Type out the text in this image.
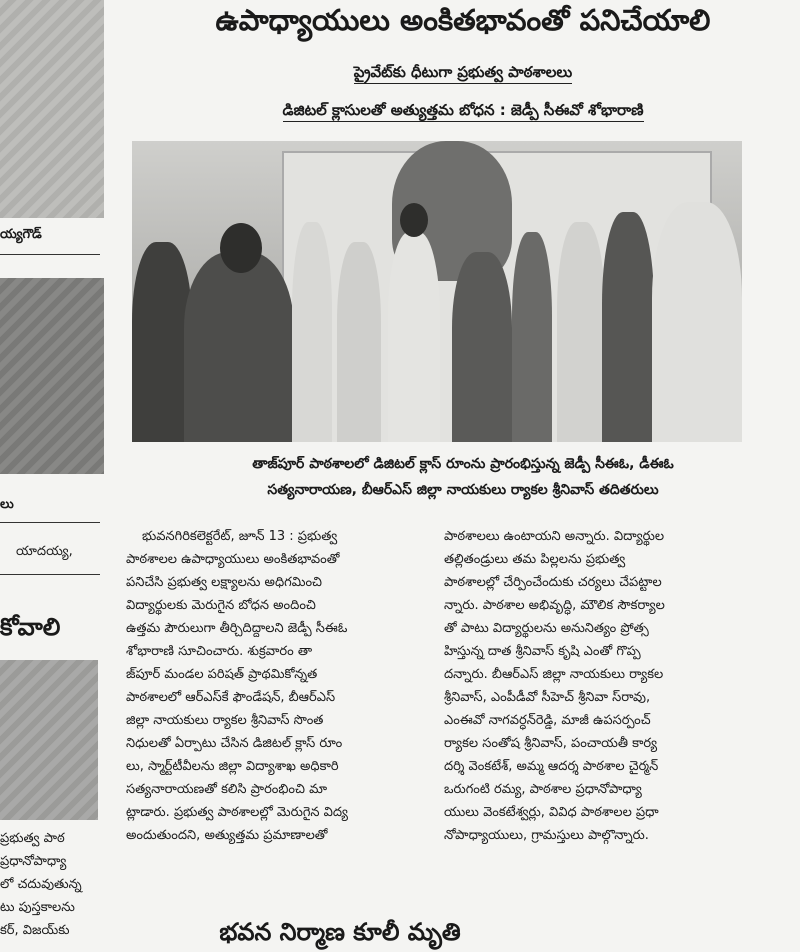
య్యగౌడ్
లు
యాదయ్య,
కోవాలి
ప్రభుత్వ పాఠ
ప్రధానోపాధ్యా
లో చదువుతున్న
టు పుస్తకాలను
కర్, విజయ్‌కు
ఉపాధ్యాయులు అంకితభావంతో పనిచేయాలి
ప్రైవేట్‌కు ధీటుగా ప్రభుత్వ పాఠశాలలు
డిజిటల్ క్లాసులతో అత్యుత్తమ బోధన : జెడ్పీ సీఈవో శోభారాణి
తాజ్‌పూర్ పాఠశాలలో డిజిటల్ క్లాస్ రూంను ప్రారంభిస్తున్న జెడ్పీ సీఈఓ, డీఈఓ
సత్యనారాయణ, బీఆర్ఎస్ జిల్లా నాయకులు ర్యాకల శ్రీనివాస్ తదితరులు
భువనగిరికలెక్టరేట్, జూన్ 13 : ప్రభుత్వ
పాఠశాలల ఉపాధ్యాయులు అంకితభావంతో
పనిచేసి ప్రభుత్వ లక్ష్యాలను అధిగమించి
విద్యార్థులకు మెరుగైన బోధన అందించి
ఉత్తమ పౌరులుగా తీర్చిదిద్దాలని జెడ్పీ సీఈఓ
శోభారాణి సూచించారు. శుక్రవారం తా
జ్‌పూర్ మండల పరిషత్ ప్రాథమికోన్నత
పాఠశాలలో ఆర్ఎస్‌కే ఫౌండేషన్, బీఆర్ఎస్
జిల్లా నాయకులు ర్యాకల శ్రీనివాస్ సొంత
నిధులతో ఏర్పాటు చేసిన డిజిటల్ క్లాస్ రూం
లు, స్మార్ట్‌టీవీలను జిల్లా విద్యాశాఖ అధికారి
సత్యనారాయణతో కలిసి ప్రారంభించి మా
ట్లాడారు. ప్రభుత్వ పాఠశాలల్లో మెరుగైన విద్య
అందుతుందని, అత్యుత్తమ ప్రమాణాలతో
పాఠశాలలు ఉంటాయని అన్నారు. విద్యార్థుల
తల్లితండ్రులు తమ పిల్లలను ప్రభుత్వ
పాఠశాలల్లో చేర్పించేందుకు చర్యలు చేపట్టాల
న్నారు. పాఠశాల అభివృద్ధి, మౌలిక సౌకర్యాల
తో పాటు విద్యార్థులను అనునిత్యం ప్రోత్స
హిస్తున్న దాత శ్రీనివాస్ కృషి ఎంతో గొప్ప
దన్నారు. బీఆర్ఎస్ జిల్లా నాయకులు ర్యాకల
శ్రీనివాస్, ఎంపీడీవో సీహెచ్ శ్రీనివా స్‌రావు,
ఎంఈవో నాగవర్ధన్‌రెడ్డి, మాజీ ఉపసర్పంచ్
ర్యాకల సంతోష శ్రీనివాస్, పంచాయతీ కార్య
దర్శి వెంకటేశ్, అమ్మ ఆదర్శ పాఠశాల చైర్మన్
ఒరుగంటి రమ్య, పాఠశాల ప్రధానోపాధ్యా
యులు వెంకటేశ్వర్లు, వివిధ పాఠశాలల ప్రధా
నోపాధ్యాయులు, గ్రామస్తులు పాల్గొన్నారు.
భవన నిర్మాణ కూలీ మృతి
